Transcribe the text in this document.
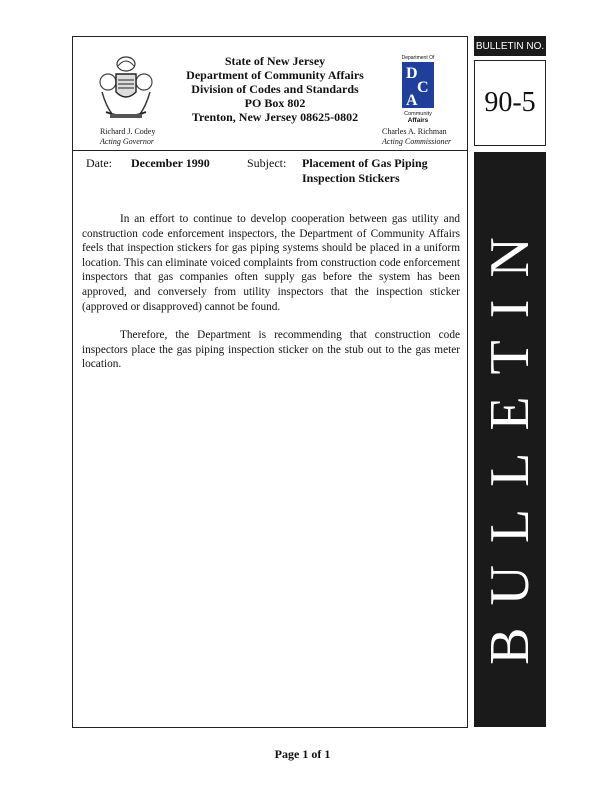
State of New Jersey
Department of Community Affairs
Division of Codes and Standards
PO Box 802
Trenton, New Jersey 08625-0802
Department Of
D
C
A
Community
Affairs
Richard J. Codey
Acting Governor
Charles A. Richman
Acting Commissioner
Date: December 1990	Subject: Placement of Gas Piping
Inspection Stickers

In an effort to continue to develop cooperation between gas utility and construction code enforcement inspectors, the Department of Community Affairs feels that inspection stickers for gas piping systems should be placed in a uniform location. This can eliminate voiced complaints from construction code enforcement inspectors that gas companies often supply gas before the system has been approved, and conversely from utility inspectors that the inspection sticker (approved or disapproved) cannot be found.

Therefore, the Department is recommending that construction code inspectors place the gas piping inspection sticker on the stub out to the gas meter location.

BULLETIN NO.
90-5
BULLETIN
Page 1 of 1
